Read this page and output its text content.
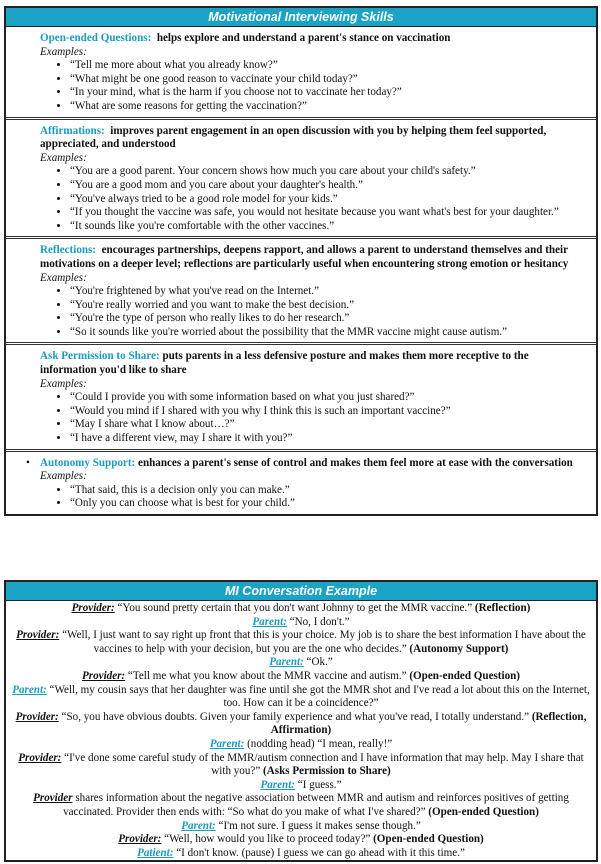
Motivational Interviewing Skills
Open-ended Questions: helps explore and understand a parent's stance on vaccination
Examples:
• “Tell me more about what you already know?”
• “What might be one good reason to vaccinate your child today?”
• “In your mind, what is the harm if you choose not to vaccinate her today?”
• “What are some reasons for getting the vaccination?”
Affirmations: improves parent engagement in an open discussion with you by helping them feel supported, appreciated, and understood
Examples:
• “You are a good parent. Your concern shows how much you care about your child's safety.”
• “You are a good mom and you care about your daughter's health.”
• “You've always tried to be a good role model for your kids.”
• “If you thought the vaccine was safe, you would not hesitate because you want what's best for your daughter.”
• “It sounds like you're comfortable with the other vaccines.”
Reflections: encourages partnerships, deepens rapport, and allows a parent to understand themselves and their motivations on a deeper level; reflections are particularly useful when encountering strong emotion or hesitancy
Examples:
• “You're frightened by what you've read on the Internet.”
• “You're really worried and you want to make the best decision.”
• “You're the type of person who really likes to do her research.”
• “So it sounds like you're worried about the possibility that the MMR vaccine might cause autism.”
Ask Permission to Share: puts parents in a less defensive posture and makes them more receptive to the information you'd like to share
Examples:
• “Could I provide you with some information based on what you just shared?”
• “Would you mind if I shared with you why I think this is such an important vaccine?”
• “May I share what I know about…?”
• “I have a different view, may I share it with you?”
• Autonomy Support: enhances a parent's sense of control and makes them feel more at ease with the conversation
Examples:
• “That said, this is a decision only you can make.”
• “Only you can choose what is best for your child.”
MI Conversation Example
Provider: “You sound pretty certain that you don't want Johnny to get the MMR vaccine.” (Reflection)
Parent: “No, I don't.”
Provider: “Well, I just want to say right up front that this is your choice. My job is to share the best information I have about the vaccines to help with your decision, but you are the one who decides.” (Autonomy Support)
Parent: “Ok.”
Provider: “Tell me what you know about the MMR vaccine and autism.” (Open-ended Question)
Parent: “Well, my cousin says that her daughter was fine until she got the MMR shot and I've read a lot about this on the Internet, too. How can it be a coincidence?”
Provider: “So, you have obvious doubts. Given your family experience and what you've read, I totally understand.” (Reflection, Affirmation)
Parent: (nodding head) “I mean, really!”
Provider: “I've done some careful study of the MMR/autism connection and I have information that may help. May I share that with you?” (Asks Permission to Share)
Parent: “I guess.”
Provider shares information about the negative association between MMR and autism and reinforces positives of getting vaccinated. Provider then ends with: “So what do you make of what I've shared?” (Open-ended Question)
Parent: “I'm not sure. I guess it makes sense though.”
Provider: “Well, how would you like to proceed today?” (Open-ended Question)
Patient: “I don't know. (pause) I guess we can go ahead with it this time.”
